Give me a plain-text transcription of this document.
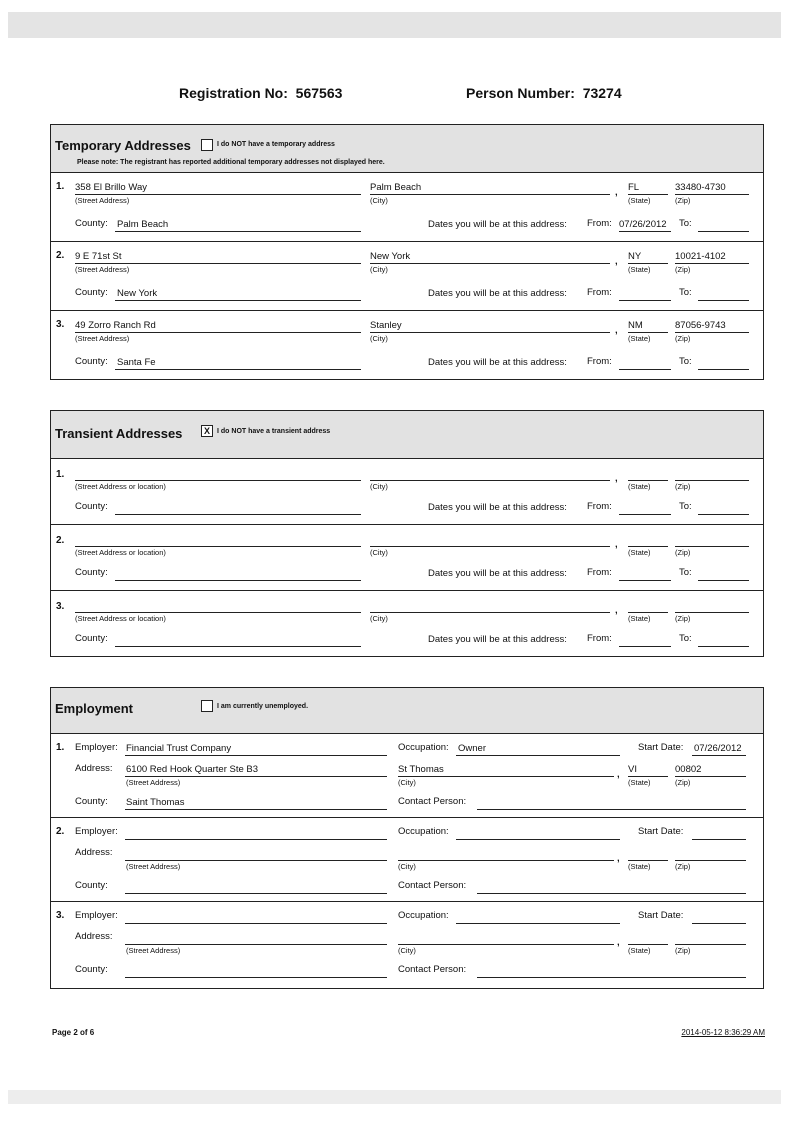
Registration No: 567563	Person Number: 73274
Temporary Addresses	I do NOT have a temporary address
Please note: The registrant has reported additional temporary addresses not displayed here.
1. 358 El Brillo Way
(Street Address)
Palm Beach
(City)
, FL
(State)
33480-4730
(Zip)
County: Palm Beach	Dates you will be at this address: From: 07/26/2012 To:
2. 9 E 71st St
(Street Address)
New York
(City)
, NY
(State)
10021-4102
(Zip)
County: New York	Dates you will be at this address: From:	To:
3. 49 Zorro Ranch Rd
(Street Address)
Stanley
(City)
, NM
(State)
87056-9743
(Zip)
County: Santa Fe	Dates you will be at this address: From:	To:
Transient Addresses	X	I do NOT have a transient address
1.
(Street Address or location)	(City)
,
(State)	(Zip)
County:	Dates you will be at this address: From:	To:
2.
(Street Address or location)	(City)
,
(State)	(Zip)
County:	Dates you will be at this address: From:	To:
3.
(Street Address or location)	(City)
,
(State)	(Zip)
County:	Dates you will be at this address: From:	To:
Employment	I am currently unemployed.
1. Employer: Financial Trust Company	Occupation: Owner	Start Date: 07/26/2012
Address: 6100 Red Hook Quarter Ste B3
(Street Address)
St Thomas
(City)
, VI
(State)
00802
(Zip)
County: Saint Thomas	Contact Person:
2. Employer:	Occupation:	Start Date:
Address:
(Street Address)	(City)
,
(State)	(Zip)
County:	Contact Person:
3. Employer:	Occupation:	Start Date:
Address:
(Street Address)	(City)
,
(State)	(Zip)
County:	Contact Person:
Page 2 of 6	2014-05-12 8:36:29 AM
